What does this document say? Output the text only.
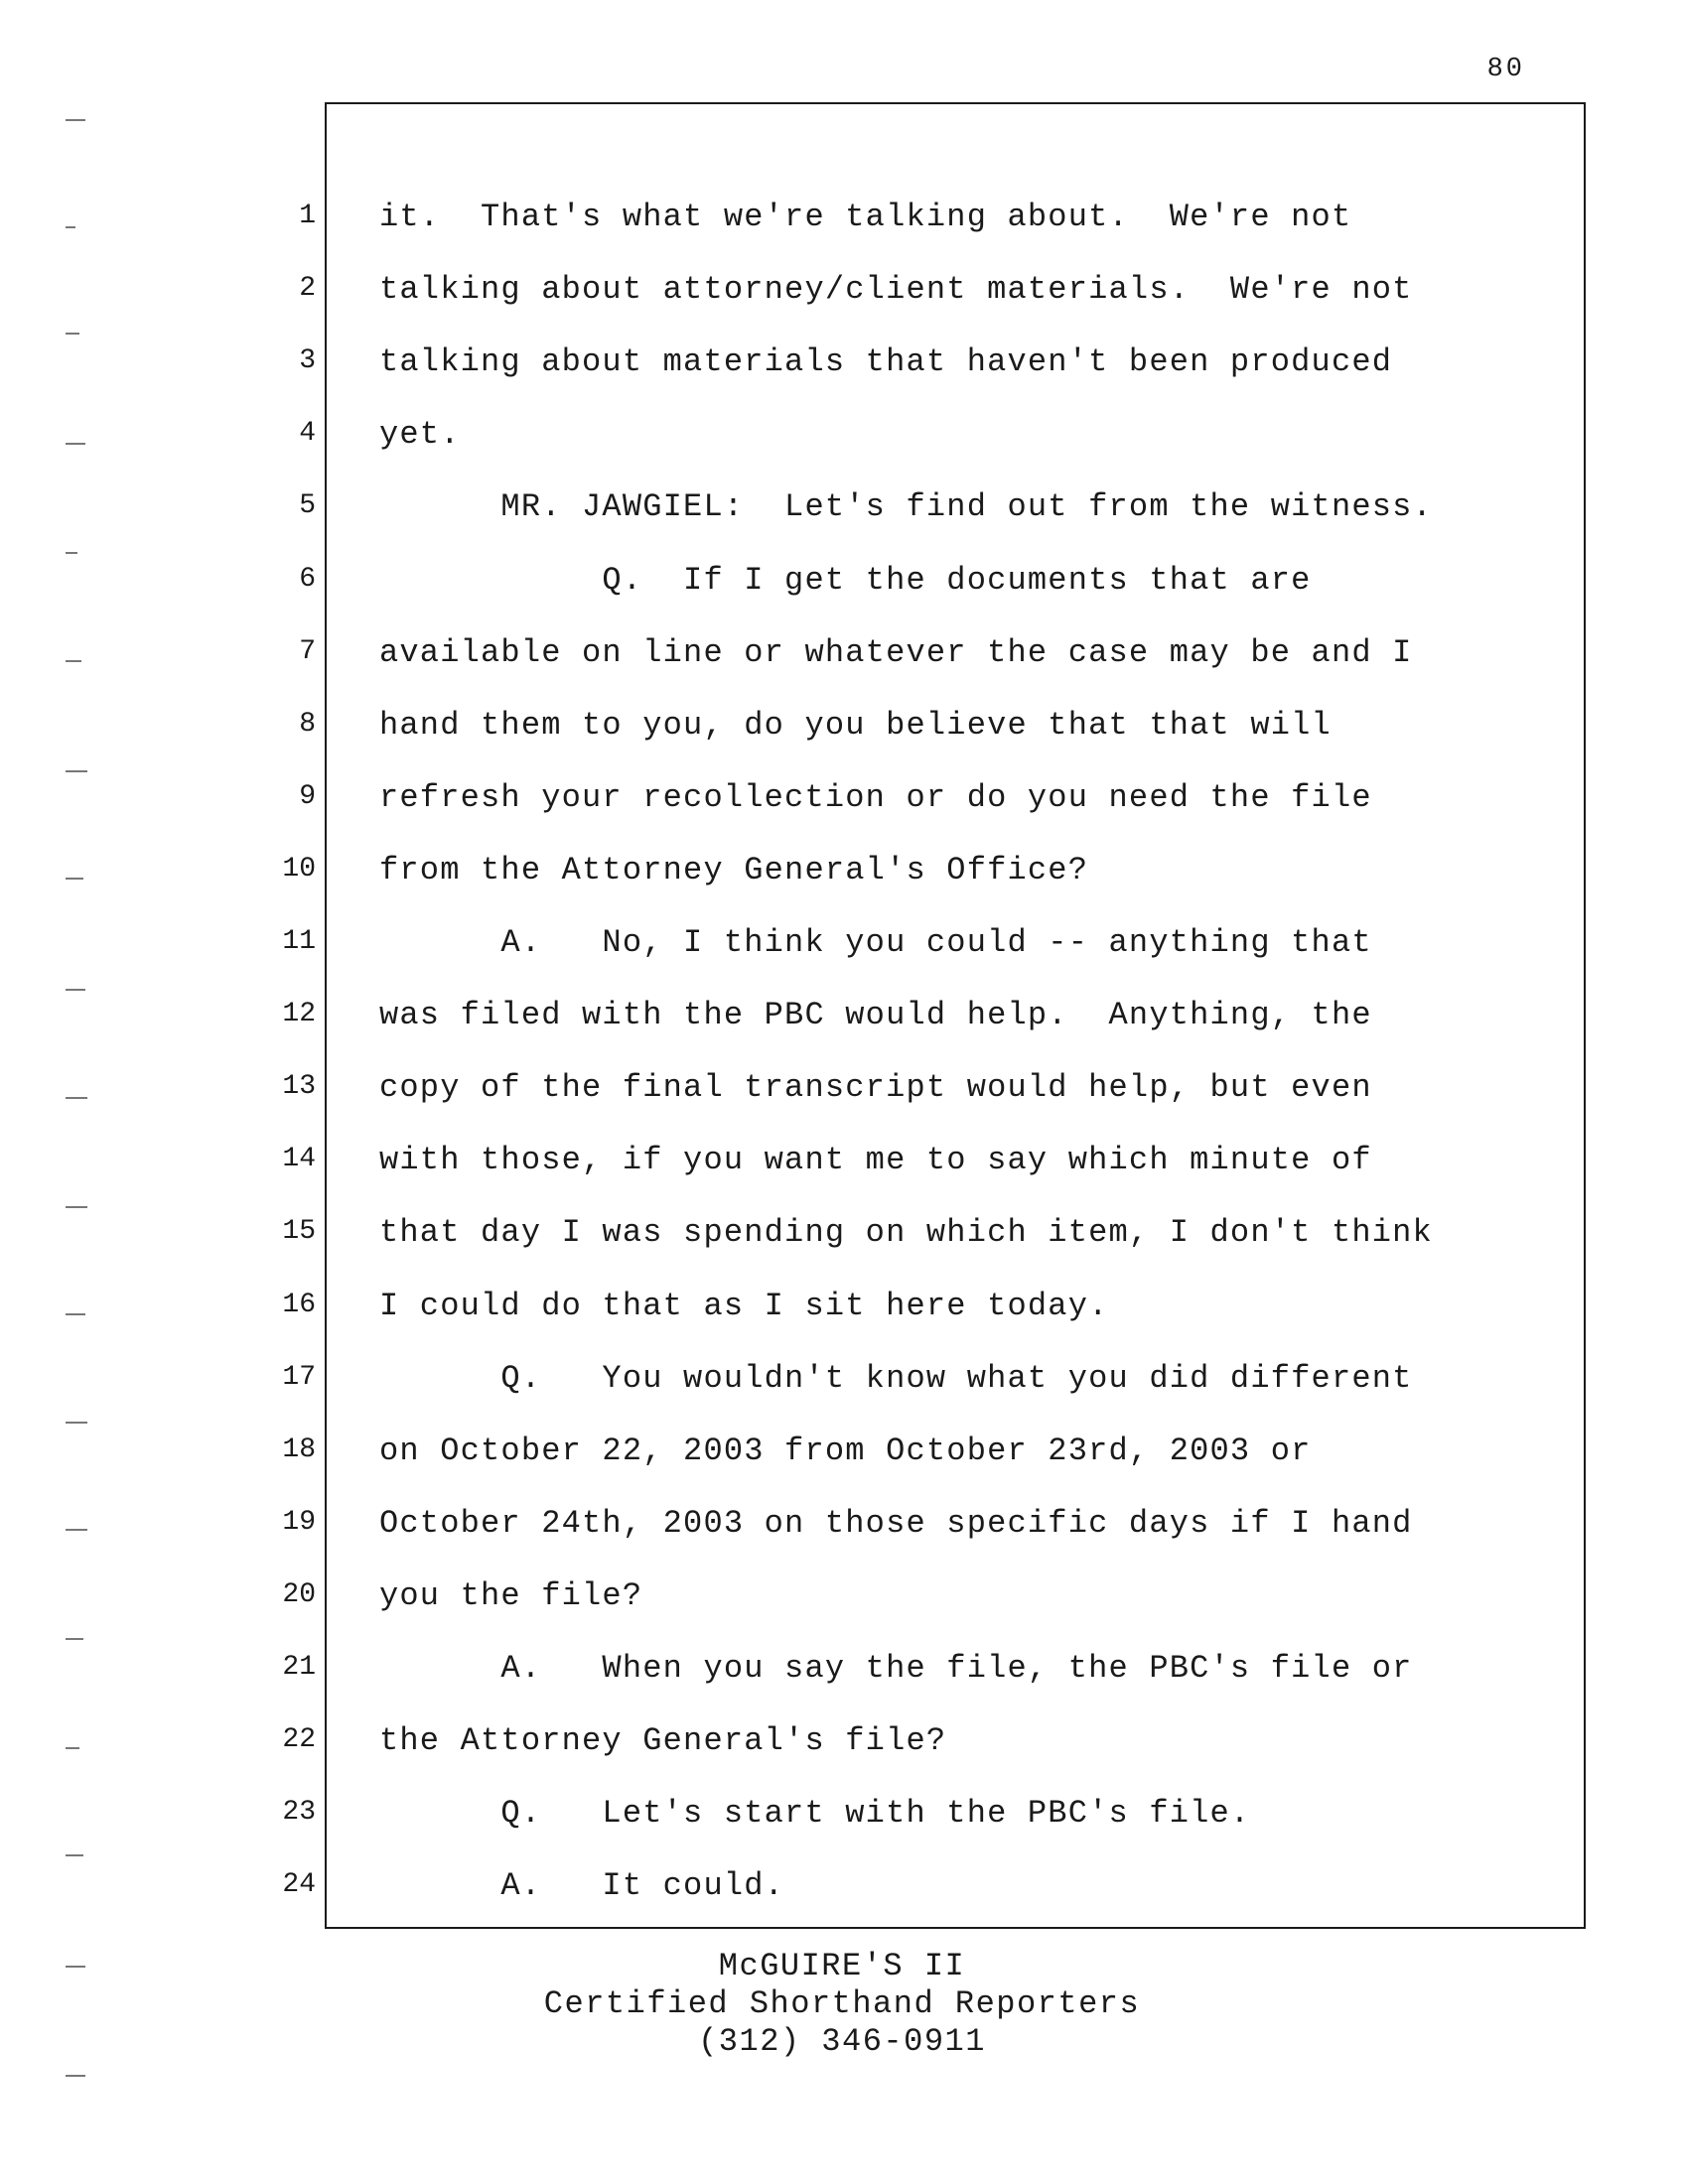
80
1
2
3
4
5
6
7
8
9
10
11
12
13
14
15
16
17
18
19
20
21
22
23
24
it.  That's what we're talking about.  We're not
talking about attorney/client materials.  We're not
talking about materials that haven't been produced
yet.
MR. JAWGIEL:  Let's find out from the witness.
Q.  If I get the documents that are
available on line or whatever the case may be and I
hand them to you, do you believe that that will
refresh your recollection or do you need the file
from the Attorney General's Office?
A.   No, I think you could -- anything that
was filed with the PBC would help.  Anything, the
copy of the final transcript would help, but even
with those, if you want me to say which minute of
that day I was spending on which item, I don't think
I could do that as I sit here today.
Q.   You wouldn't know what you did different
on October 22, 2003 from October 23rd, 2003 or
October 24th, 2003 on those specific days if I hand
you the file?
A.   When you say the file, the PBC's file or
the Attorney General's file?
Q.   Let's start with the PBC's file.
A.   It could.
McGUIRE'S II
Certified Shorthand Reporters
(312) 346-0911
